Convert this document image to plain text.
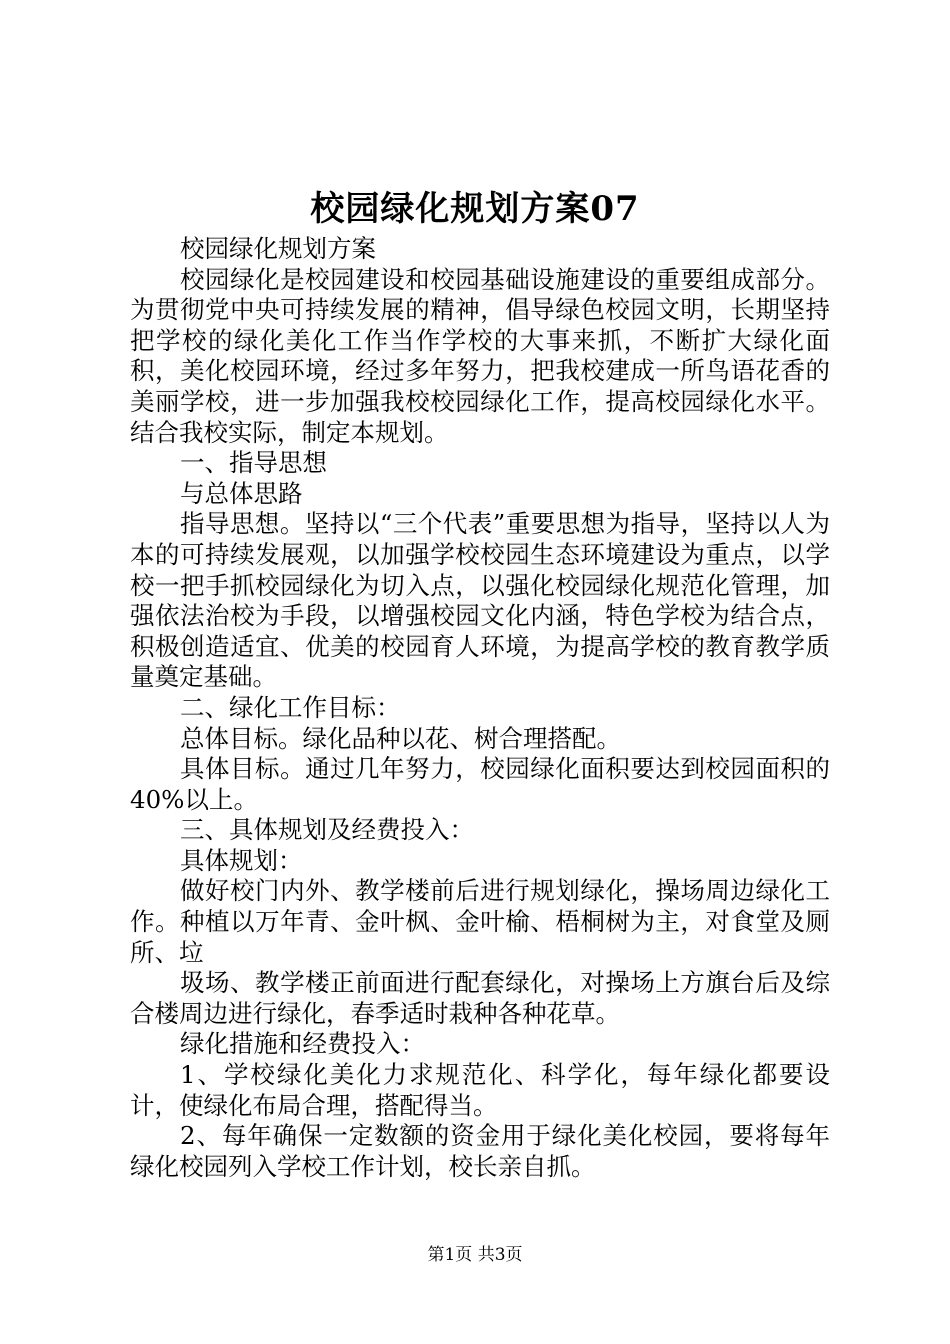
校园绿化规划方案07

校园绿化规划方案

校园绿化是校园建设和校园基础设施建设的重要组成部分。为贯彻党中央可持续发展的精神，倡导绿色校园文明，长期坚持把学校的绿化美化工作当作学校的大事来抓，不断扩大绿化面积，美化校园环境，经过多年努力，把我校建成一所鸟语花香的美丽学校，进一步加强我校校园绿化工作，提高校园绿化水平。结合我校实际，制定本规划。

一、指导思想

与总体思路

指导思想。坚持以“三个代表”重要思想为指导，坚持以人为本的可持续发展观，以加强学校校园生态环境建设为重点，以学校一把手抓校园绿化为切入点，以强化校园绿化规范化管理，加强依法治校为手段，以增强校园文化内涵，特色学校为结合点，积极创造适宜、优美的校园育人环境，为提高学校的教育教学质量奠定基础。

二、绿化工作目标：

总体目标。绿化品种以花、树合理搭配。

具体目标。通过几年努力，校园绿化面积要达到校园面积的40%以上。

三、具体规划及经费投入：

具体规划：

做好校门内外、教学楼前后进行规划绿化，操场周边绿化工作。种植以万年青、金叶枫、金叶榆、梧桐树为主，对食堂及厕所、垃

圾场、教学楼正前面进行配套绿化，对操场上方旗台后及综合楼周边进行绿化，春季适时栽种各种花草。

绿化措施和经费投入：

1、学校绿化美化力求规范化、科学化，每年绿化都要设计，使绿化布局合理，搭配得当。

2、每年确保一定数额的资金用于绿化美化校园，要将每年绿化校园列入学校工作计划，校长亲自抓。

第1页 共3页
